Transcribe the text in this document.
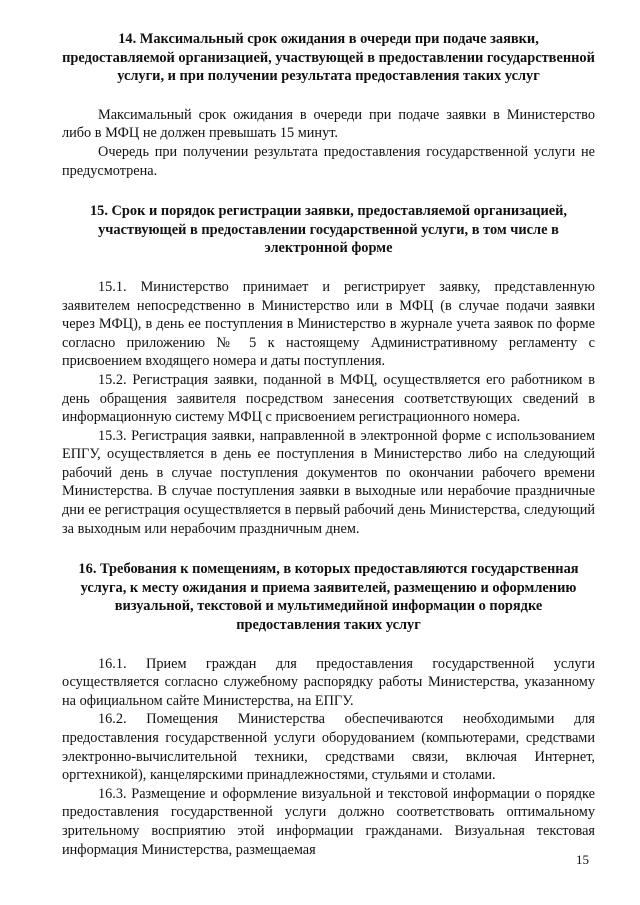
14. Максимальный срок ожидания в очереди при подаче заявки, предоставляемой организацией, участвующей в предоставлении государственной услуги, и при получении результата предоставления таких услуг

Максимальный срок ожидания в очереди при подаче заявки в Министерство либо в МФЦ не должен превышать 15 минут.

Очередь при получении результата предоставления государственной услуги не предусмотрена.

15. Срок и порядок регистрации заявки, предоставляемой организацией, участвующей в предоставлении государственной услуги, в том числе в электронной форме

15.1. Министерство принимает и регистрирует заявку, представленную заявителем непосредственно в Министерство или в МФЦ (в случае подачи заявки через МФЦ), в день ее поступления в Министерство в журнале учета заявок по форме согласно приложению № 5 к настоящему Административному регламенту с присвоением входящего номера и даты поступления.

15.2. Регистрация заявки, поданной в МФЦ, осуществляется его работником в день обращения заявителя посредством занесения соответствующих сведений в информационную систему МФЦ с присвоением регистрационного номера.

15.3. Регистрация заявки, направленной в электронной форме с использованием ЕПГУ, осуществляется в день ее поступления в Министерство либо на следующий рабочий день в случае поступления документов по окончании рабочего времени Министерства. В случае поступления заявки в выходные или нерабочие праздничные дни ее регистрация осуществляется в первый рабочий день Министерства, следующий за выходным или нерабочим праздничным днем.

16. Требования к помещениям, в которых предоставляются государственная услуга, к месту ожидания и приема заявителей, размещению и оформлению визуальной, текстовой и мультимедийной информации о порядке предоставления таких услуг

16.1. Прием граждан для предоставления государственной услуги осуществляется согласно служебному распорядку работы Министерства, указанному на официальном сайте Министерства, на ЕПГУ.

16.2. Помещения Министерства обеспечиваются необходимыми для предоставления государственной услуги оборудованием (компьютерами, средствами электронно-вычислительной техники, средствами связи, включая Интернет, оргтехникой), канцелярскими принадлежностями, стульями и столами.

16.3. Размещение и оформление визуальной и текстовой информации о порядке предоставления государственной услуги должно соответствовать оптимальному зрительному восприятию этой информации гражданами. Визуальная текстовая информация Министерства, размещаемая

15
